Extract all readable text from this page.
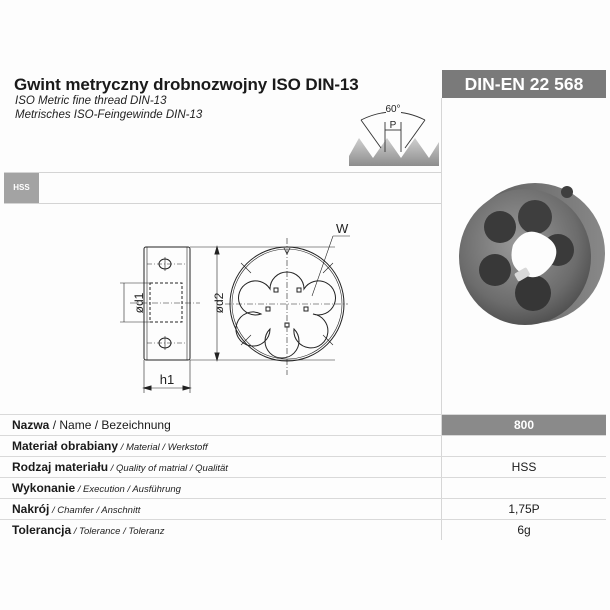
Gwint metryczny drobnozwojny ISO DIN-13
ISO Metric fine thread DIN-13
Metrisches ISO-Feingewinde DIN-13
DIN-EN 22 568
60°
P
HSS
W
ød1	ød2
h1
Nazwa / Name / Bezeichnung	800
Materiał obrabiany / Material / Werkstoff	
Rodzaj materiału / Quality of matrial / Qualität	HSS
Wykonanie / Execution / Ausführung	
Nakrój / Chamfer / Anschnitt	1,75P
Tolerancja / Tolerance / Toleranz	6g
